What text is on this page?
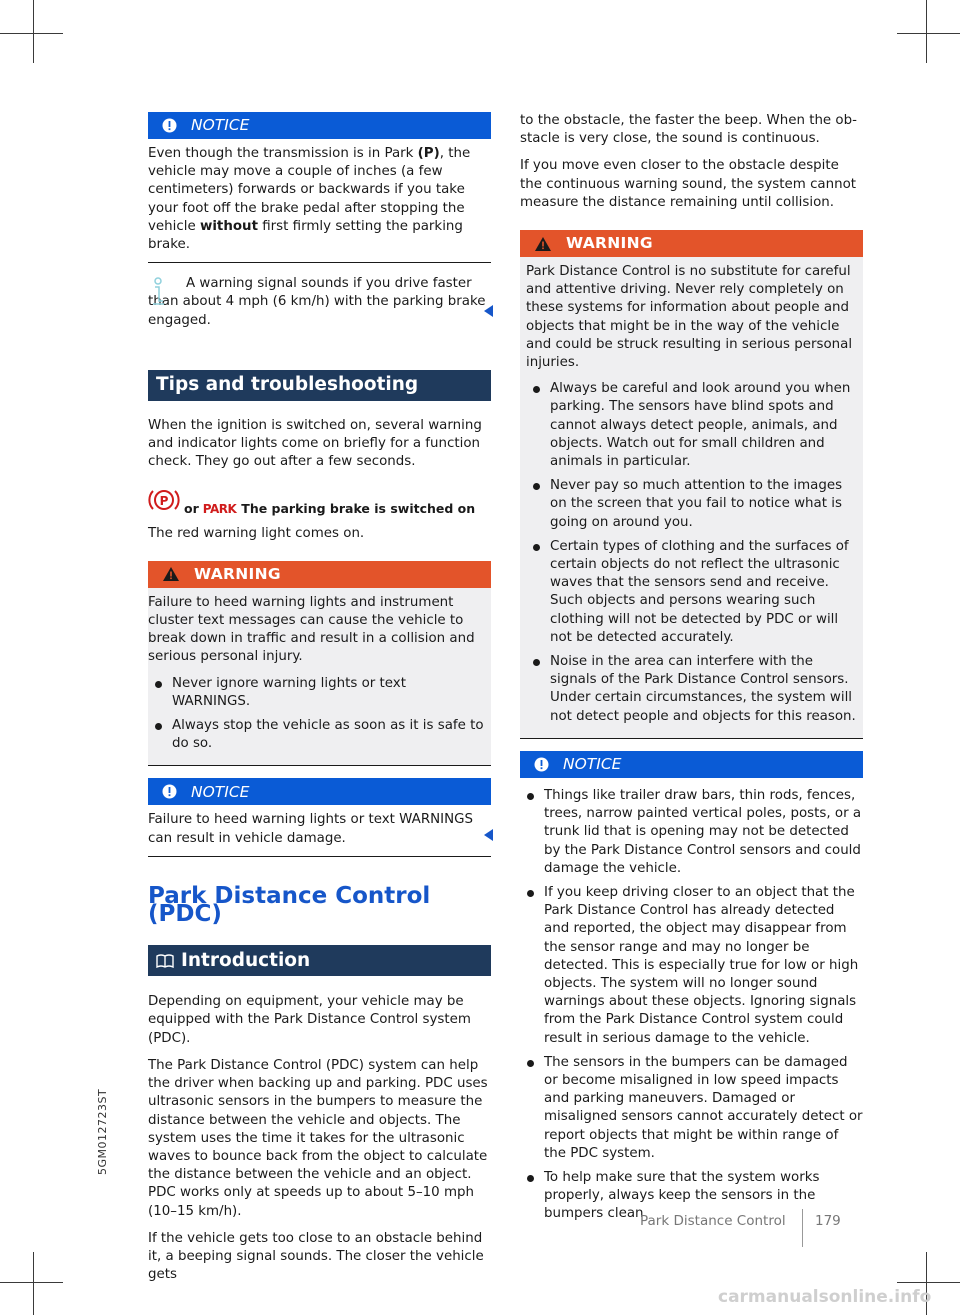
5GM012723ST
NOTICE
Even though the transmission is in Park (P), the vehicle may move a couple of inches (a few centimeters) forwards or backwards if you take your foot off the brake pedal after stopping the vehicle without first firmly setting the parking brake.

A warning signal sounds if you drive faster than about 4 mph (6 km/h) with the parking brake engaged.

Tips and troubleshooting

When the ignition is switched on, several warning and indicator lights come on briefly for a function check. They go out after a few seconds.

P or PARK The parking brake is switched on

The red warning light comes on.

WARNING

Failure to heed warning lights and instrument cluster text messages can cause the vehicle to break down in traffic and result in a collision and serious personal injury.

Never ignore warning lights or text WARNINGS.
Always stop the vehicle as soon as it is safe to do so.
NOTICE

Failure to heed warning lights or text WARNINGS can result in vehicle damage.

Park Distance Control (PDC)
Introduction

Depending on equipment, your vehicle may be equipped with the Park Distance Control system (PDC).

The Park Distance Control (PDC) system can help the driver when backing up and parking. PDC uses ultrasonic sensors in the bumpers to measure the distance between the vehicle and objects. The system uses the time it takes for the ultrasonic waves to bounce back from the object to calculate the distance between the vehicle and an object. PDC works only at speeds up to about 5–10 mph (10–15 km/h).

If the vehicle gets too close to an obstacle behind it, a beeping signal sounds. The closer the vehicle gets

to the obstacle, the faster the beep. When the obstacle is very close, the sound is continuous.

If you move even closer to the obstacle despite the continuous warning sound, the system cannot measure the distance remaining until collision.

WARNING

Park Distance Control is no substitute for careful and attentive driving. Never rely completely on these systems for information about people and objects that might be in the way of the vehicle and could be struck resulting in serious personal injuries.

Always be careful and look around you when parking. The sensors have blind spots and cannot always detect people, animals, and objects. Watch out for small children and animals in particular.
Never pay so much attention to the images on the screen that you fail to notice what is going on around you.
Certain types of clothing and the surfaces of certain objects do not reflect the ultrasonic waves that the sensors send and receive. Such objects and persons wearing such clothing will not be detected by PDC or will not be detected accurately.
Noise in the area can interfere with the signals of the Park Distance Control sensors. Under certain circumstances, the system will not detect people and objects for this reason.
NOTICE
Things like trailer draw bars, thin rods, fences, trees, narrow painted vertical poles, posts, or a trunk lid that is opening may not be detected by the Park Distance Control sensors and could damage the vehicle.
If you keep driving closer to an object that the Park Distance Control has already detected and reported, the object may disappear from the sensor range and may no longer be detected. This is especially true for low or high objects. The system will no longer sound warnings about these objects. Ignoring signals from the Park Distance Control system could result in serious damage to the vehicle.
The sensors in the bumpers can be damaged or become misaligned in low speed impacts and parking maneuvers. Damaged or misaligned sensors cannot accurately detect or report objects that might be within range of the PDC system.
To help make sure that the system works properly, always keep the sensors in the bumpers clean
Park Distance Control 179
carmanualsonline.info
